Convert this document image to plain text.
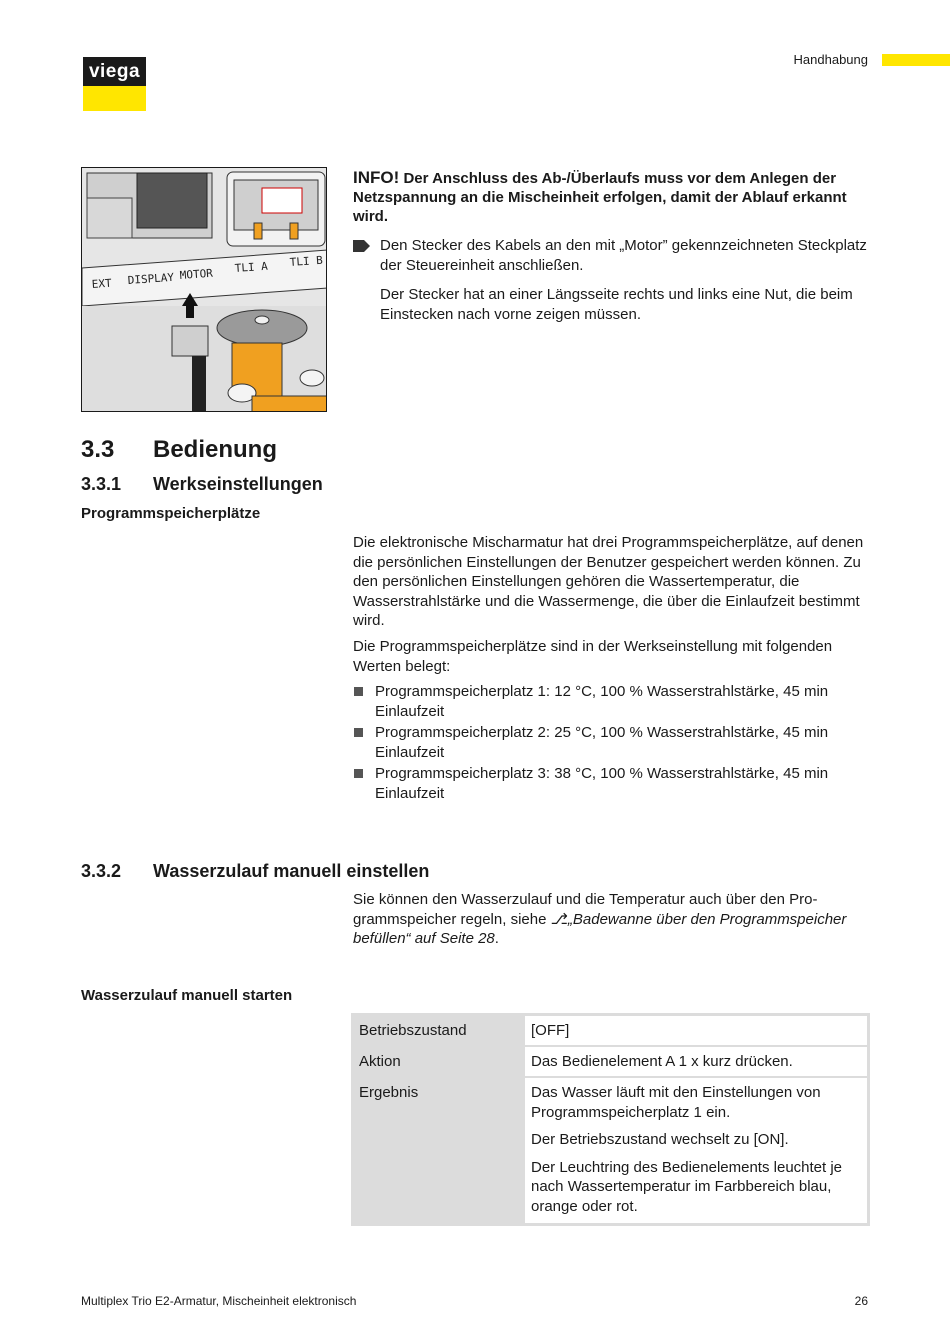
viega
Handhabung
EXT DISPLAY MOTOR TLI A TLI B
INFO! Der Anschluss des Ab-/Überlaufs muss vor dem Anlegen der Netzspannung an die Mischeinheit erfolgen, damit der Ablauf erkannt wird.
Den Stecker des Kabels an den mit „Motor” gekennzeichneten Steckplatz der Steuereinheit anschließen.
Der Stecker hat an einer Längsseite rechts und links eine Nut, die beim Einstecken nach vorne zeigen müssen.
3.3 Bedienung
3.3.1 Werkseinstellungen
Programmspeicherplätze
Die elektronische Mischarmatur hat drei Programmspeicherplätze, auf denen die persönlichen Einstellungen der Benutzer gespeichert werden können. Zu den persönlichen Einstellungen gehören die Wassertemperatur, die Wasserstrahlstärke und die Wassermenge, die über die Einlaufzeit bestimmt wird.
Die Programmspeicherplätze sind in der Werkseinstellung mit folgenden Werten belegt:
Programmspeicherplatz 1: 12 °C, 100 % Wasserstrahlstärke, 45 min Einlaufzeit
Programmspeicherplatz 2: 25 °C, 100 % Wasserstrahlstärke, 45 min Einlaufzeit
Programmspeicherplatz 3: 38 °C, 100 % Wasserstrahlstärke, 45 min Einlaufzeit
3.3.2 Wasserzulauf manuell einstellen
Sie können den Wasserzulauf und die Temperatur auch über den Programmspeicher regeln, siehe ⎇„Badewanne über den Programmspeicher befüllen“ auf Seite 28.
Wasserzulauf manuell starten
Betriebszustand	[OFF]

Aktion	Das Bedienelement A 1 x kurz drücken.

Ergebnis	Das Wasser läuft mit den Einstellungen von Programmspeicherplatz 1 ein.

Der Betriebszustand wechselt zu [ON].

Der Leuchtring des Bedienelements leuchtet je nach Wassertemperatur im Farbbereich blau, orange oder rot.

Multiplex Trio E2-Armatur, Mischeinheit elektronisch	26
